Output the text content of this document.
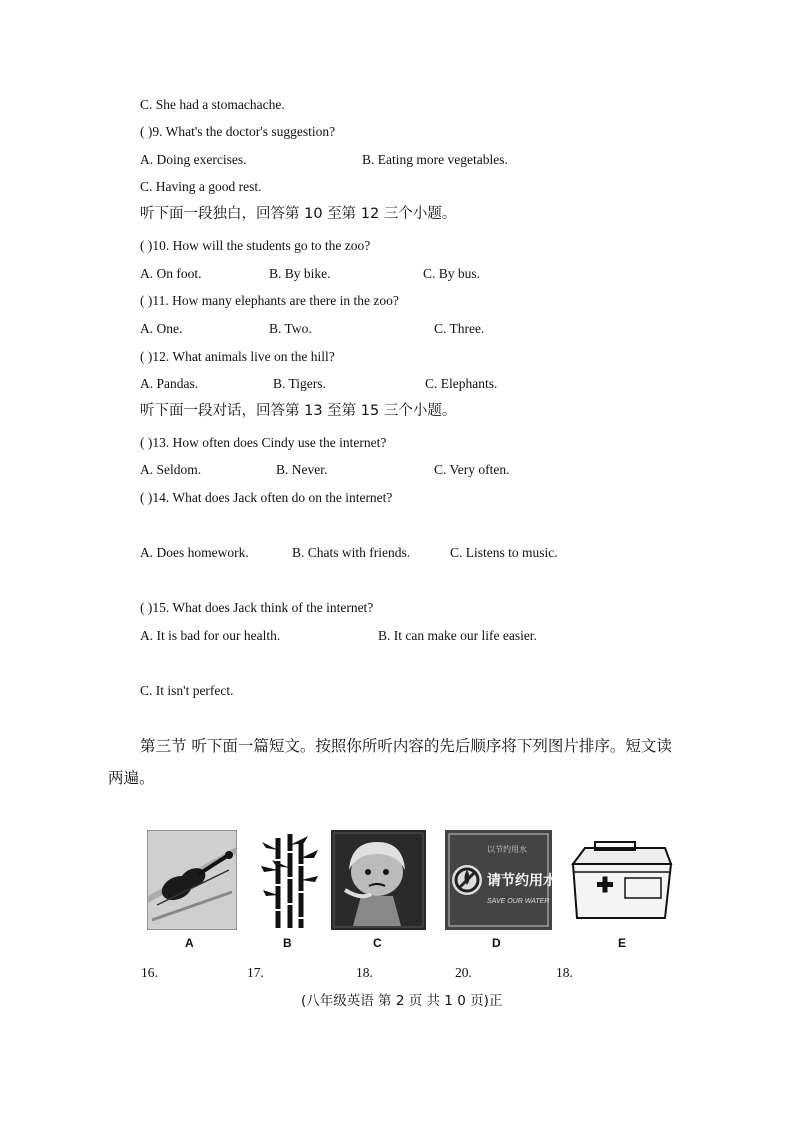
C. She had a stomachache.
( )9. What's the doctor's suggestion?
A. Doing exercises.	B. Eating more vegetables.
C. Having a good rest.
听下面一段独白，回答第 10 至第 12 三个小题。
( )10. How will the students go to the zoo?
A. On foot.	B. By bike.	C. By bus.
( )11. How many elephants are there in the zoo?
A. One.	B. Two.	C. Three.
( )12. What animals live on the hill?
A. Pandas.	B. Tigers.	C. Elephants.
听下面一段对话，回答第 13 至第 15 三个小题。
( )13. How often does Cindy use the internet?
A. Seldom.	B. Never.	C. Very often.
( )14. What does Jack often do on the internet?
A. Does homework.	B. Chats with friends.	C. Listens to music.
( )15. What does Jack think of the internet?
A. It is bad for our health.	B. It can make our life easier.
C. It isn't perfect.
第三节 听下面一篇短文。按照你所听内容的先后顺序将下列图片排序。短文读
两遍。
A	B	C
以节约用水
请节约用水
SAVE OUR WATER
D	E
16.	17.	18.	20.	18.
(八年级英语 第 2 页 共 1 0 页)正
